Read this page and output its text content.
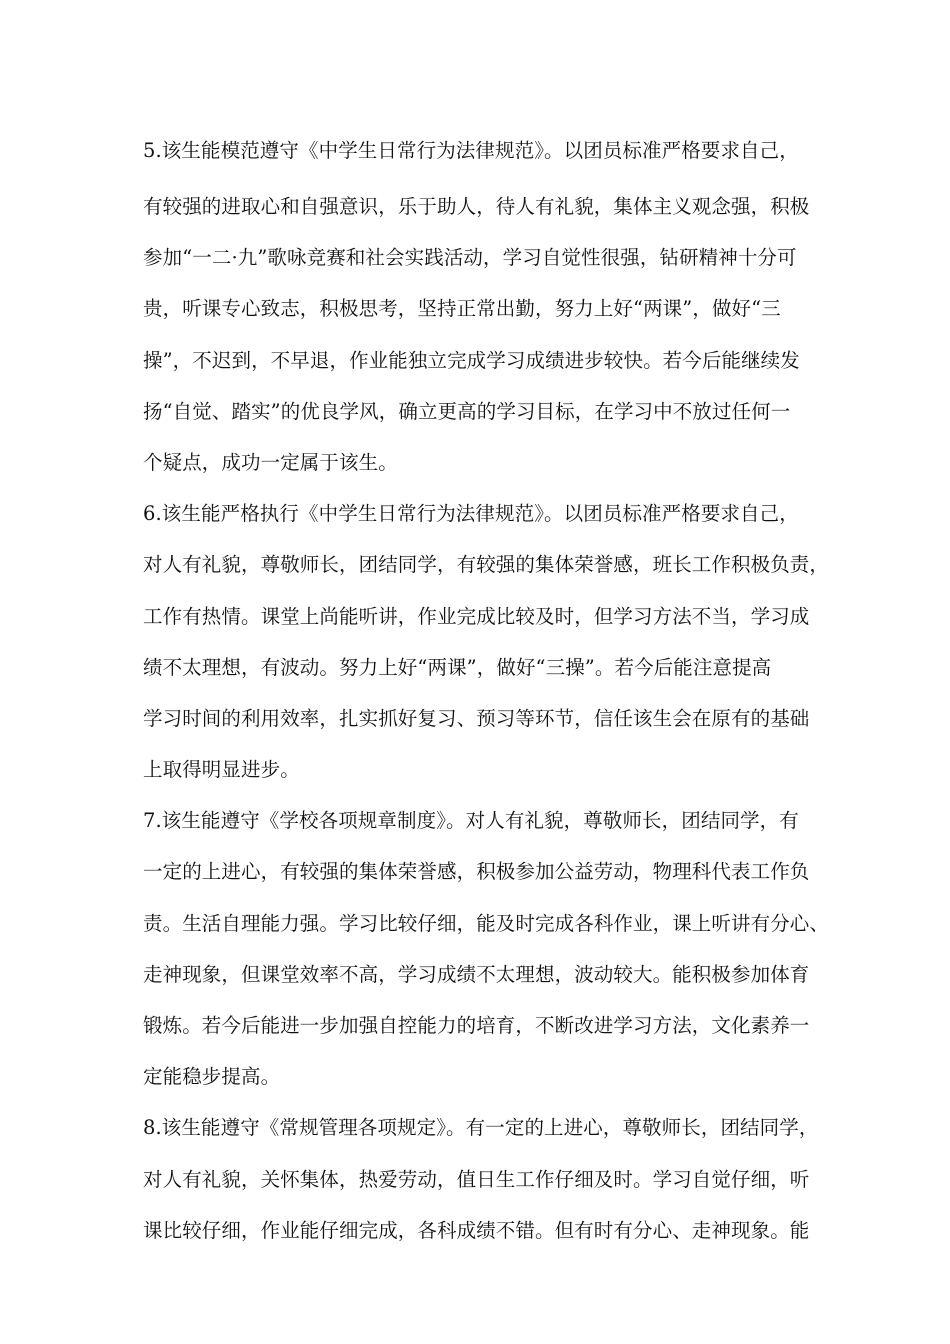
5.该生能模范遵守《中学生日常行为法律规范》。以团员标准严格要求自己，
有较强的进取心和自强意识，乐于助人，待人有礼貌，集体主义观念强，积极
参加“一二·九”歌咏竞赛和社会实践活动，学习自觉性很强，钻研精神十分可
贵，听课专心致志，积极思考，坚持正常出勤，努力上好“两课”，做好“三
操”，不迟到，不早退，作业能独立完成学习成绩进步较快。若今后能继续发
扬“自觉、踏实”的优良学风，确立更高的学习目标，在学习中不放过任何一
个疑点，成功一定属于该生。
6.该生能严格执行《中学生日常行为法律规范》。以团员标准严格要求自己，
对人有礼貌，尊敬师长，团结同学，有较强的集体荣誉感，班长工作积极负责，
工作有热情。课堂上尚能听讲，作业完成比较及时，但学习方法不当，学习成
绩不太理想，有波动。努力上好“两课”，做好“三操”。若今后能注意提高
学习时间的利用效率，扎实抓好复习、预习等环节，信任该生会在原有的基础
上取得明显进步。
7.该生能遵守《学校各项规章制度》。对人有礼貌，尊敬师长，团结同学，有
一定的上进心，有较强的集体荣誉感，积极参加公益劳动，物理科代表工作负
责。生活自理能力强。学习比较仔细，能及时完成各科作业，课上听讲有分心、
走神现象，但课堂效率不高，学习成绩不太理想，波动较大。能积极参加体育
锻炼。若今后能进一步加强自控能力的培育，不断改进学习方法，文化素养一
定能稳步提高。
8.该生能遵守《常规管理各项规定》。有一定的上进心，尊敬师长，团结同学，
对人有礼貌，关怀集体，热爱劳动，值日生工作仔细及时。学习自觉仔细，听
课比较仔细，作业能仔细完成，各科成绩不错。但有时有分心、走神现象。能
